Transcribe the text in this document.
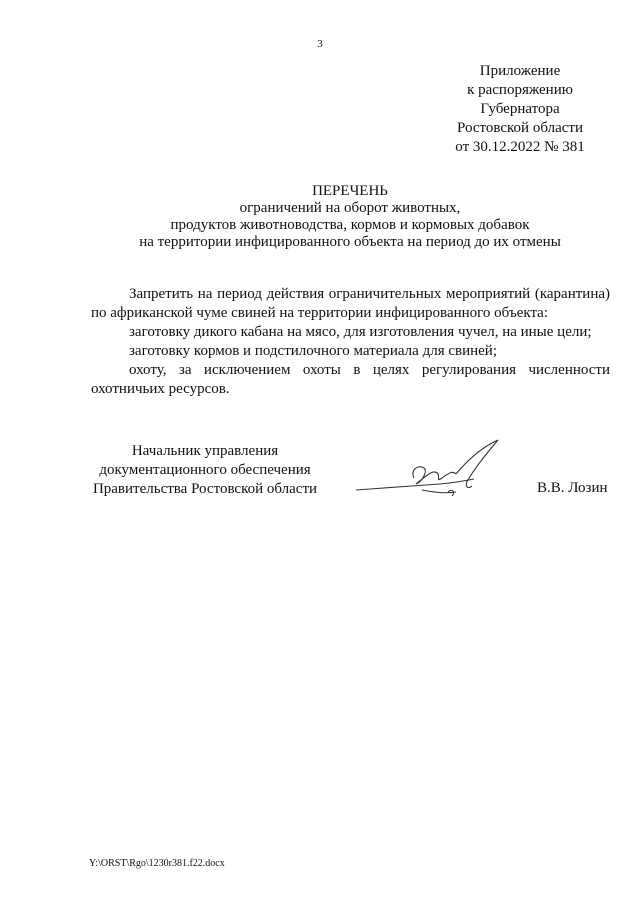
3
Приложение
к распоряжению
Губернатора
Ростовской области
от 30.12.2022 № 381
ПЕРЕЧЕНЬ
ограничений на оборот животных,
продуктов животноводства, кормов и кормовых добавок
на территории инфицированного объекта на период до их отмены
Запретить на период действия ограничительных мероприятий (карантина) по африканской чуме свиней на территории инфицированного объекта:
заготовку дикого кабана на мясо, для изготовления чучел, на иные цели;
заготовку кормов и подстилочного материала для свиней;
охоту, за исключением охоты в целях регулирования численности
охотничьих ресурсов.
Начальник управления
документационного обеспечения
Правительства Ростовской области	В.В. Лозин
Y:\ORST\Rgo\1230r381.f22.docx
